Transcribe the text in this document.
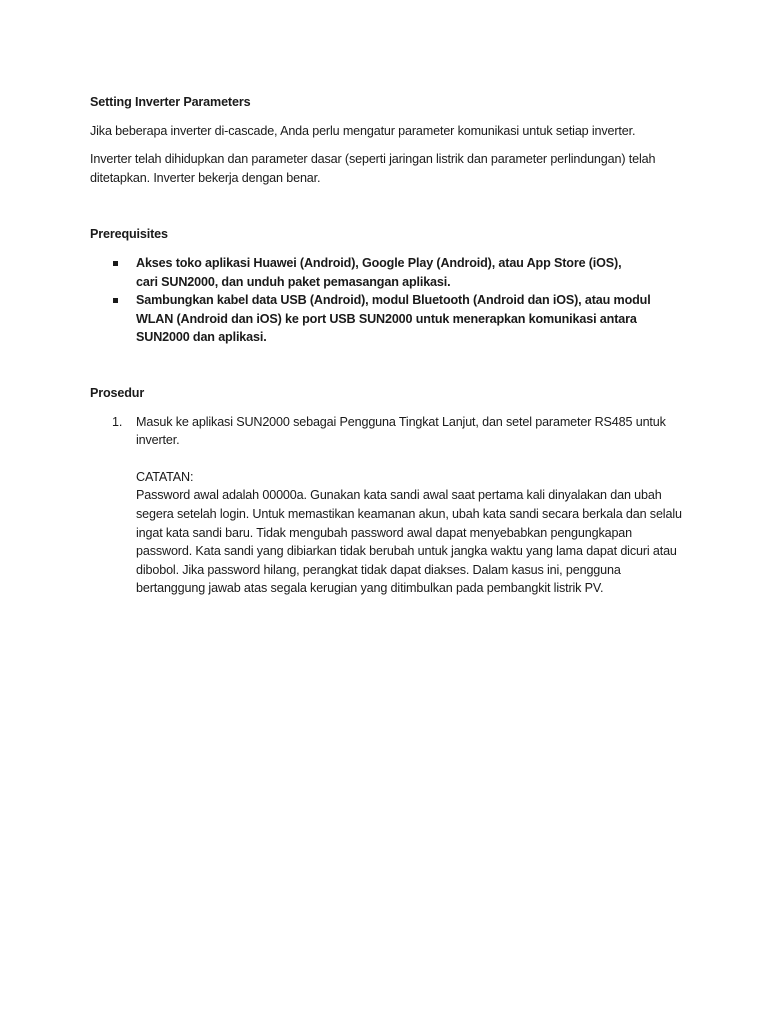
Setting Inverter Parameters

Jika beberapa inverter di-cascade, Anda perlu mengatur parameter komunikasi untuk setiap inverter.

Inverter telah dihidupkan dan parameter dasar (seperti jaringan listrik dan parameter perlindungan) telah ditetapkan. Inverter bekerja dengan benar.

Prerequisites

Akses toko aplikasi Huawei (Android), Google Play (Android), atau App Store (iOS), cari SUN2000, dan unduh paket pemasangan aplikasi.
Sambungkan kabel data USB (Android), modul Bluetooth (Android dan iOS), atau modul WLAN (Android dan iOS) ke port USB SUN2000 untuk menerapkan komunikasi antara SUN2000 dan aplikasi.

Prosedur

1. Masuk ke aplikasi SUN2000 sebagai Pengguna Tingkat Lanjut, dan setel parameter RS485 untuk inverter.
CATATAN:
Password awal adalah 00000a. Gunakan kata sandi awal saat pertama kali dinyalakan dan ubah segera setelah login. Untuk memastikan keamanan akun, ubah kata sandi secara berkala dan selalu ingat kata sandi baru. Tidak mengubah password awal dapat menyebabkan pengungkapan password. Kata sandi yang dibiarkan tidak berubah untuk jangka waktu yang lama dapat dicuri atau dibobol. Jika password hilang, perangkat tidak dapat diakses. Dalam kasus ini, pengguna bertanggung jawab atas segala kerugian yang ditimbulkan pada pembangkit listrik PV.
